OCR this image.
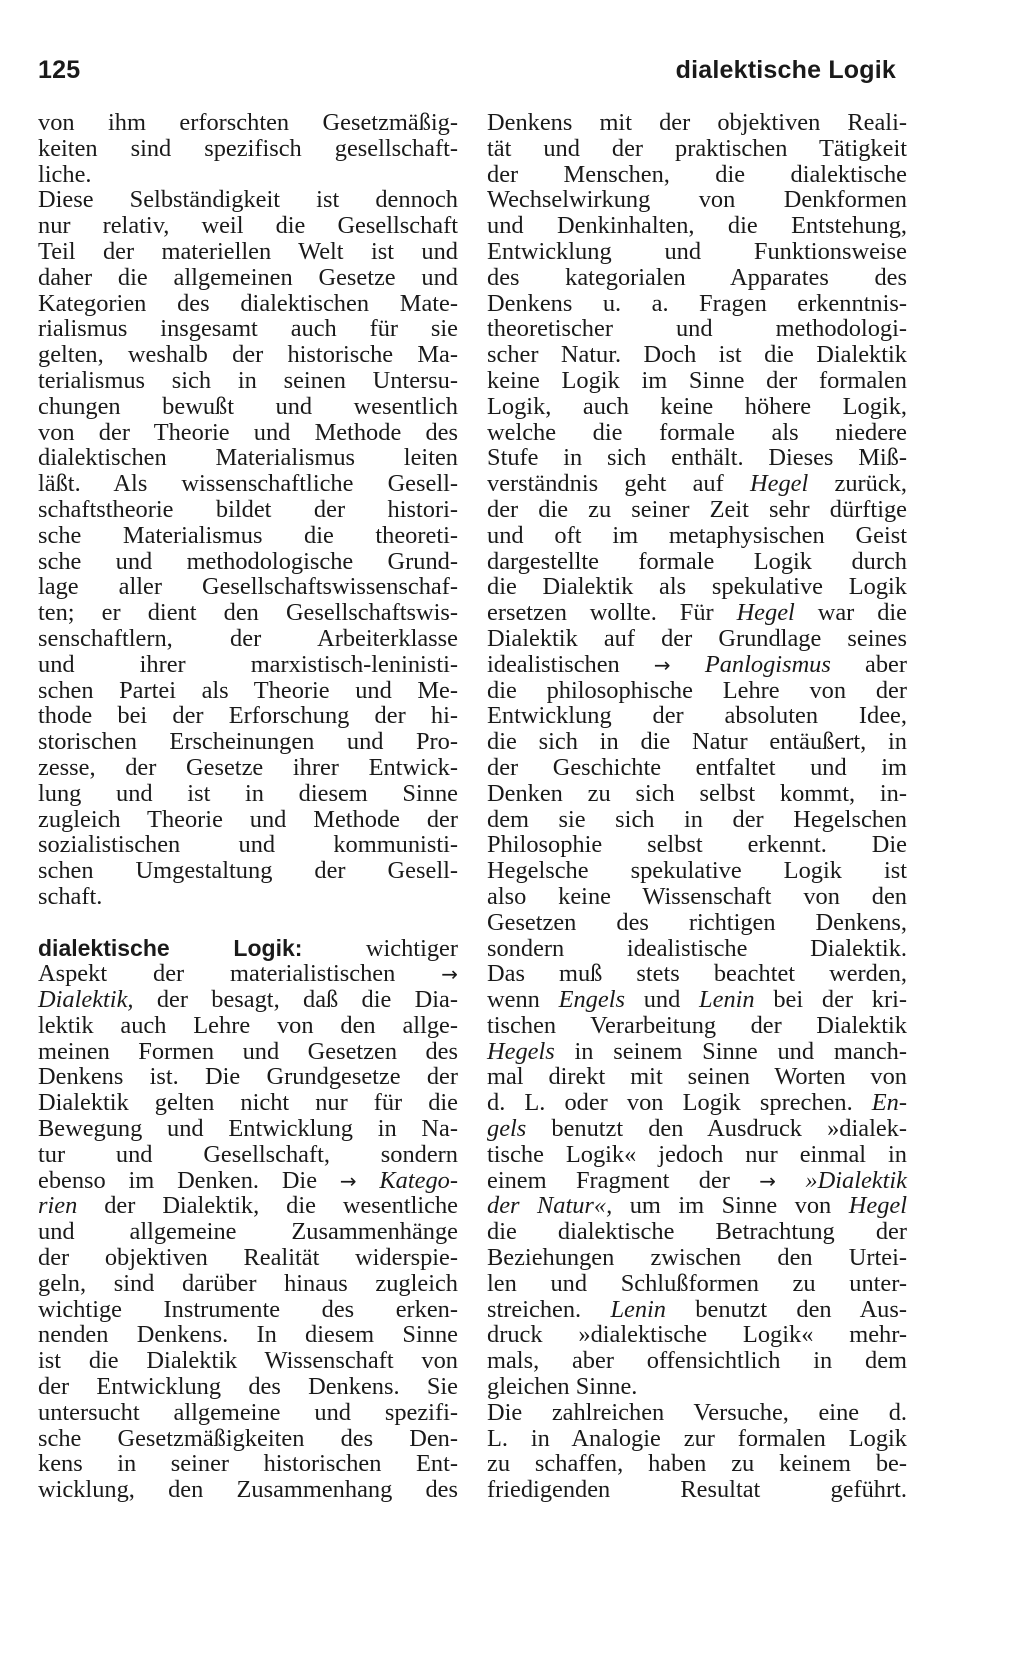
125	dialektische Logik
von ihm erforschten Gesetzmäßig-
keiten sind spezifisch gesellschaft-
liche.
Diese Selbständigkeit ist dennoch
nur relativ, weil die Gesellschaft
Teil der materiellen Welt ist und
daher die allgemeinen Gesetze und
Kategorien des dialektischen Mate-
rialismus insgesamt auch für sie
gelten, weshalb der historische Ma-
terialismus sich in seinen Untersu-
chungen bewußt und wesentlich
von der Theorie und Methode des
dialektischen Materialismus leiten
läßt. Als wissenschaftliche Gesell-
schaftstheorie bildet der histori-
sche Materialismus die theoreti-
sche und methodologische Grund-
lage aller Gesellschaftswissenschaf-
ten; er dient den Gesellschaftswis-
senschaftlern, der Arbeiterklasse
und ihrer marxistisch-leninisti-
schen Partei als Theorie und Me-
thode bei der Erforschung der hi-
storischen Erscheinungen und Pro-
zesse, der Gesetze ihrer Entwick-
lung und ist in diesem Sinne
zugleich Theorie und Methode der
sozialistischen und kommunisti-
schen Umgestaltung der Gesell-
schaft.
dialektische Logik: wichtiger
Aspekt der materialistischen →
Dialektik, der besagt, daß die Dia-
lektik auch Lehre von den allge-
meinen Formen und Gesetzen des
Denkens ist. Die Grundgesetze der
Dialektik gelten nicht nur für die
Bewegung und Entwicklung in Na-
tur und Gesellschaft, sondern
ebenso im Denken. Die → Katego-
rien der Dialektik, die wesentliche
und allgemeine Zusammenhänge
der objektiven Realität widerspie-
geln, sind darüber hinaus zugleich
wichtige Instrumente des erken-
nenden Denkens. In diesem Sinne
ist die Dialektik Wissenschaft von
der Entwicklung des Denkens. Sie
untersucht allgemeine und spezifi-
sche Gesetzmäßigkeiten des Den-
kens in seiner historischen Ent-
wicklung, den Zusammenhang des
Denkens mit der objektiven Reali-
tät und der praktischen Tätigkeit
der Menschen, die dialektische
Wechselwirkung von Denkformen
und Denkinhalten, die Entstehung,
Entwicklung und Funktionsweise
des kategorialen Apparates des
Denkens u. a. Fragen erkenntnis-
theoretischer und methodologi-
scher Natur. Doch ist die Dialektik
keine Logik im Sinne der formalen
Logik, auch keine höhere Logik,
welche die formale als niedere
Stufe in sich enthält. Dieses Miß-
verständnis geht auf Hegel zurück,
der die zu seiner Zeit sehr dürftige
und oft im metaphysischen Geist
dargestellte formale Logik durch
die Dialektik als spekulative Logik
ersetzen wollte. Für Hegel war die
Dialektik auf der Grundlage seines
idealistischen → Panlogismus aber
die philosophische Lehre von der
Entwicklung der absoluten Idee,
die sich in die Natur entäußert, in
der Geschichte entfaltet und im
Denken zu sich selbst kommt, in-
dem sie sich in der Hegelschen
Philosophie selbst erkennt. Die
Hegelsche spekulative Logik ist
also keine Wissenschaft von den
Gesetzen des richtigen Denkens,
sondern idealistische Dialektik.
Das muß stets beachtet werden,
wenn Engels und Lenin bei der kri-
tischen Verarbeitung der Dialektik
Hegels in seinem Sinne und manch-
mal direkt mit seinen Worten von
d. L. oder von Logik sprechen. En-
gels benutzt den Ausdruck »dialek-
tische Logik« jedoch nur einmal in
einem Fragment der → »Dialektik
der Natur«, um im Sinne von Hegel
die dialektische Betrachtung der
Beziehungen zwischen den Urtei-
len und Schlußformen zu unter-
streichen. Lenin benutzt den Aus-
druck »dialektische Logik« mehr-
mals, aber offensichtlich in dem
gleichen Sinne.
Die zahlreichen Versuche, eine d.
L. in Analogie zur formalen Logik
zu schaffen, haben zu keinem be-
friedigenden Resultat geführt.
